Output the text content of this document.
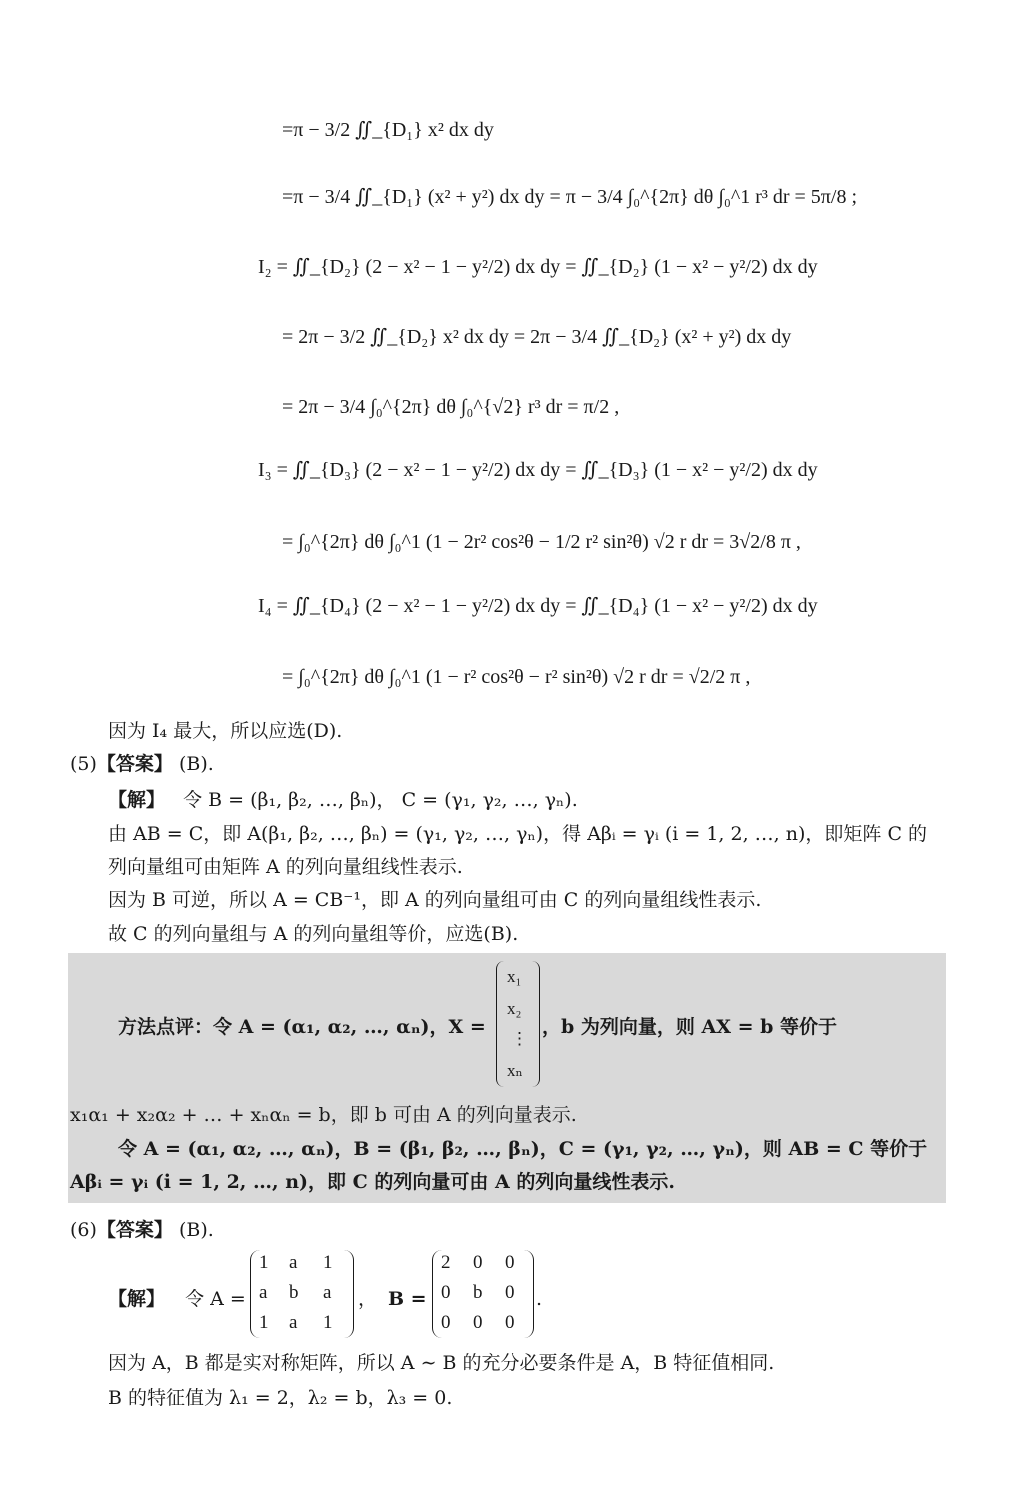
=π − 3/2 ∬_{D₁} x² dx dy
=π − 3/4 ∬_{D₁} (x² + y²) dx dy = π − 3/4 ∫₀^{2π} dθ ∫₀^1 r³ dr = 5π/8 ;
I₂ = ∬_{D₂} (2 − x² − 1 − y²/2) dx dy = ∬_{D₂} (1 − x² − y²/2) dx dy
= 2π − 3/2 ∬_{D₂} x² dx dy = 2π − 3/4 ∬_{D₂} (x² + y²) dx dy
= 2π − 3/4 ∫₀^{2π} dθ ∫₀^{√2} r³ dr = π/2 ,
I₃ = ∬_{D₃} (2 − x² − 1 − y²/2) dx dy = ∬_{D₃} (1 − x² − y²/2) dx dy
= ∫₀^{2π} dθ ∫₀^1 (1 − 2r² cos²θ − 1/2 r² sin²θ) √2 r dr = 3√2/8 π ,
I₄ = ∬_{D₄} (2 − x² − 1 − y²/2) dx dy = ∬_{D₄} (1 − x² − y²/2) dx dy
= ∫₀^{2π} dθ ∫₀^1 (1 − r² cos²θ − r² sin²θ) √2 r dr = √2/2 π ,
因为 I₄ 最大，所以应选(D).
(5)【答案】 (B).
【解】 令 B = (β₁, β₂, …, βₙ)， C = (γ₁, γ₂, …, γₙ).
由 AB = C，即 A(β₁, β₂, …, βₙ) = (γ₁, γ₂, …, γₙ)，得 Aβᵢ = γᵢ (i = 1, 2, …, n)，即矩阵 C 的
列向量组可由矩阵 A 的列向量组线性表示.
因为 B 可逆，所以 A = CB⁻¹，即 A 的列向量组可由 C 的列向量组线性表示.
故 C 的列向量组与 A 的列向量组等价，应选(B).
方法点评：令 A = (α₁, α₂, …, αₙ)，X =
x₁
x₂
⋮
xₙ
，b 为列向量，则 AX = b 等价于
x₁α₁ + x₂α₂ + … + xₙαₙ = b，即 b 可由 A 的列向量表示.
令 A = (α₁, α₂, …, αₙ)，B = (β₁, β₂, …, βₙ)，C = (γ₁, γ₂, …, γₙ)，则 AB = C 等价于
Aβᵢ = γᵢ (i = 1, 2, …, n)，即 C 的列向量可由 A 的列向量线性表示.
(6)【答案】 (B).
【解】 令 A =
1 a 1
a b a
1 a 1
， B =
2 0 0
0 b 0
0 0 0
.
因为 A，B 都是实对称矩阵，所以 A ∼ B 的充分必要条件是 A，B 特征值相同.
B 的特征值为 λ₁ = 2，λ₂ = b，λ₃ = 0.
